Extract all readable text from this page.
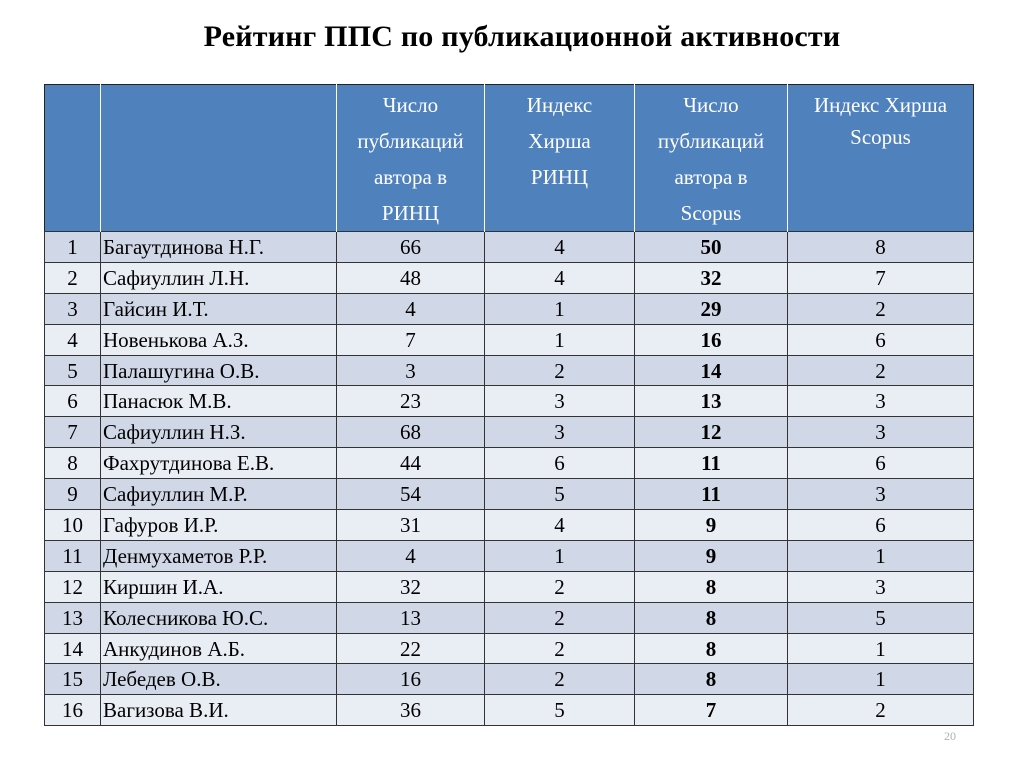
Рейтинг ППС по публикационной активности

		Число
публикаций
автора в
РИНЦ	Индекс
Хирша
РИНЦ	Число
публикаций
автора в
Scopus	Индекс Хирша
Scopus

1	Багаутдинова Н.Г.	66	4	50	8
2	Сафиуллин Л.Н.	48	4	32	7
3	Гайсин И.Т.	4	1	29	2
4	Новенькова А.З.	7	1	16	6
5	Палашугина О.В.	3	2	14	2
6	Панасюк М.В.	23	3	13	3
7	Сафиуллин Н.З.	68	3	12	3
8	Фахрутдинова Е.В.	44	6	11	6
9	Сафиуллин М.Р.	54	5	11	3
10	Гафуров И.Р.	31	4	9	6
11	Денмухаметов Р.Р.	4	1	9	1
12	Киршин И.А.	32	2	8	3
13	Колесникова Ю.С.	13	2	8	5
14	Анкудинов А.Б.	22	2	8	1
15	Лебедев О.В.	16	2	8	1
16	Вагизова В.И.	36	5	7	2
20
